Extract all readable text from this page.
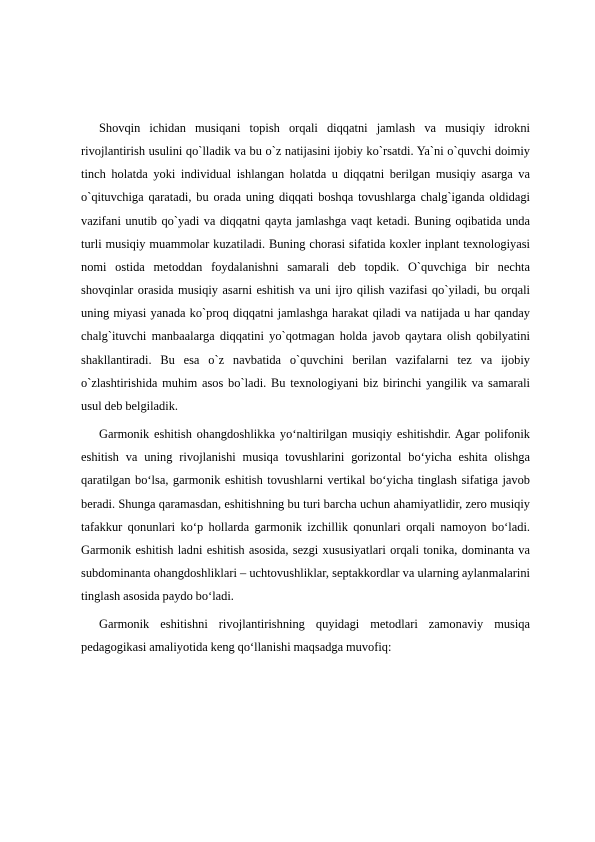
Shovqin ichidan musiqani topish orqali diqqatni jamlash va musiqiy idrokni rivojlantirish usulini qo`lladik va bu o`z natijasini ijobiy ko`rsatdi. Ya`ni o`quvchi doimiy tinch holatda yoki individual ishlangan holatda u diqqatni berilgan musiqiy asarga va o`qituvchiga qaratadi, bu orada uning diqqati boshqa tovushlarga chalg`iganda oldidagi vazifani unutib qo`yadi va diqqatni qayta jamlashga vaqt ketadi. Buning oqibatida unda turli musiqiy muammolar kuzatiladi. Buning chorasi sifatida koxler inplant texnologiyasi nomi ostida metoddan foydalanishni samarali deb topdik. O`quvchiga bir nechta shovqinlar orasida musiqiy asarni eshitish va uni ijro qilish vazifasi qo`yiladi, bu orqali uning miyasi yanada ko`proq diqqatni jamlashga harakat qiladi va natijada u har qanday chalg`ituvchi manbaalarga diqqatini yo`qotmagan holda javob qaytara olish qobilyatini shakllantiradi. Bu esa o`z navbatida o`quvchini berilan vazifalarni tez va ijobiy o`zlashtirishida muhim asos bo`ladi. Bu texnologiyani biz birinchi yangilik va samarali usul deb belgiladik.

Garmonik eshitish ohangdoshlikka yo‘naltirilgan musiqiy eshitishdir. Agar polifonik eshitish va uning rivojlanishi musiqa tovushlarini gorizontal bo‘yicha eshita olishga qaratilgan bo‘lsa, garmonik eshitish tovushlarni vertikal bo‘yicha tinglash sifatiga javob beradi. Shunga qaramasdan, eshitishning bu turi barcha uchun ahamiyatlidir, zero musiqiy tafakkur qonunlari ko‘p hollarda garmonik izchillik qonunlari orqali namoyon bo‘ladi. Garmonik eshitish ladni eshitish asosida, sezgi xususiyatlari orqali tonika, dominanta va subdominanta ohangdoshliklari – uchtovushliklar, septakkordlar va ularning aylanmalarini tinglash asosida paydo bo‘ladi.

Garmonik eshitishni rivojlantirishning quyidagi metodlari zamonaviy musiqa pedagogikasi amaliyotida keng qo‘llanishi maqsadga muvofiq:
